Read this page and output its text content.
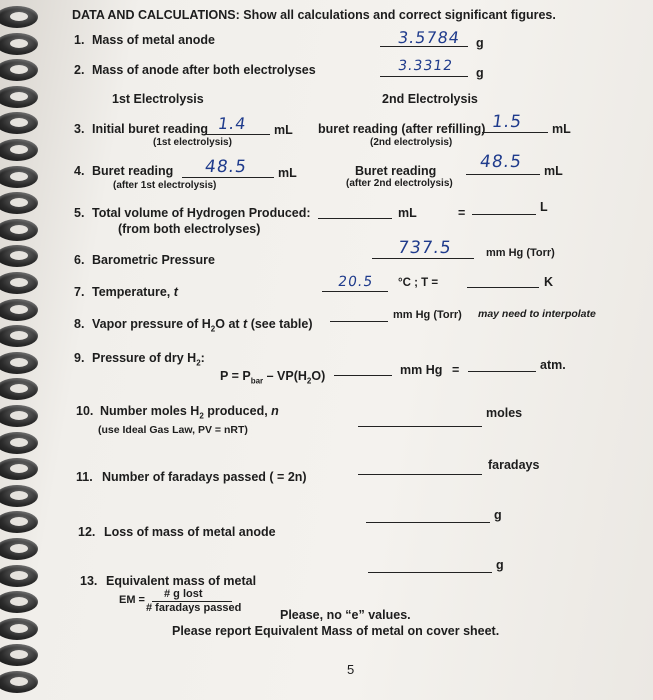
DATA AND CALCULATIONS: Show all calculations and correct significant figures.
1. Mass of metal anode	3.5784 g
2. Mass of anode after both electrolyses	3.3312 g
1st Electrolysis	2nd Electrolysis
3. Initial buret reading 1.4 mL
(1st electrolysis)
buret reading (after refilling) 1.5 mL
(2nd electrolysis)
4. Buret reading 48.5 mL
(after 1st electrolysis)
Buret reading 48.5 mL
(after 2nd electrolysis)
5. Total volume of Hydrogen Produced:
(from both electrolyses)
mL	=	L
6. Barometric Pressure
737.5	mm Hg (Torr)
7. Temperature, t
20.5 °C ; T =	K
8. Vapor pressure of $H_2O$ at t (see table)
mm Hg (Torr) may need to interpolate
9. Pressure of dry $H_2$:
$P = P_{bar} - VP(H_2O)$	mm Hg =	atm.
10. Number moles $H_2$ produced, n
(use Ideal Gas Law, PV = nRT)
moles
11. Number of faradays passed ( = 2n)
faradays
12. Loss of mass of metal anode
g
13. Equivalent mass of metal
g
EM = # g lost
# faradays passed	Please, no “e” values.
Please report Equivalent Mass of metal on cover sheet.
5
